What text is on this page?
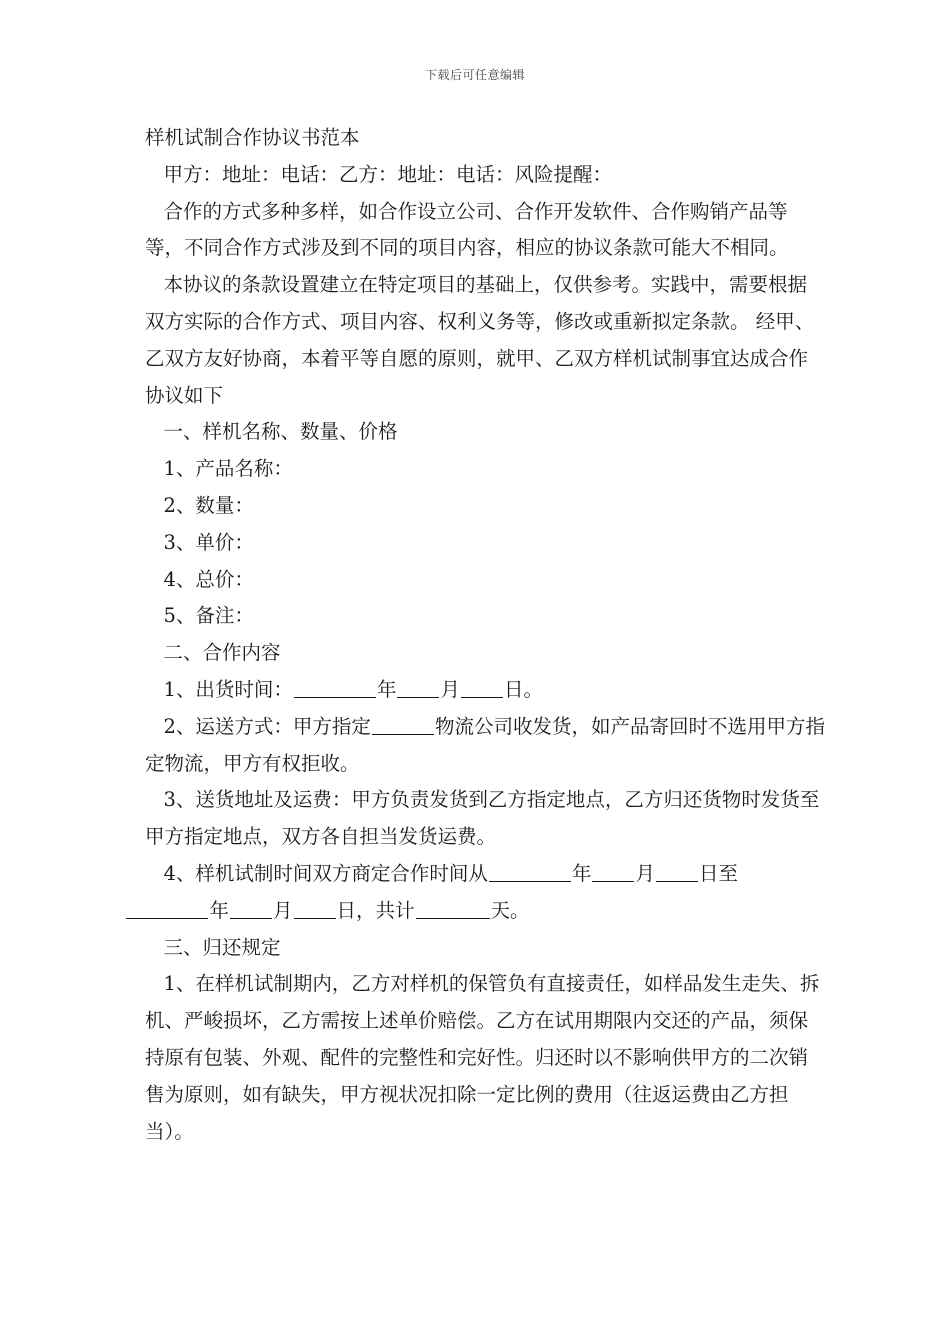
下载后可任意编辑

样机试制合作协议书范本

甲方：地址：电话：乙方：地址：电话：风险提醒：

合作的方式多种多样，如合作设立公司、合作开发软件、合作购销产品等等，不同合作方式涉及到不同的项目内容，相应的协议条款可能大不相同。

本协议的条款设置建立在特定项目的基础上，仅供参考。实践中，需要根据双方实际的合作方式、项目内容、权利义务等，修改或重新拟定条款。 经甲、乙双方友好协商，本着平等自愿的原则，就甲、乙双方样机试制事宜达成合作协议如下

一、样机名称、数量、价格

1、产品名称：

2、数量：

3、单价：

4、总价：

5、备注：

二、合作内容

1、出货时间：	年 月 日。

2、运送方式：甲方指定	物流公司收发货，如产品寄回时不选用甲方指定物流，甲方有权拒收。

3、送货地址及运费：甲方负责发货到乙方指定地点，乙方归还货物时发货至甲方指定地点，双方各自担当发货运费。

4、样机试制时间双方商定合作时间从	年 月 日至
年 月 日，共计	天。

三、归还规定

1、在样机试制期内，乙方对样机的保管负有直接责任，如样品发生走失、拆机、严峻损坏，乙方需按上述单价赔偿。乙方在试用期限内交还的产品，须保持原有包装、外观、配件的完整性和完好性。归还时以不影响供甲方的二次销售为原则，如有缺失，甲方视状况扣除一定比例的费用（往返运费由乙方担当）。
